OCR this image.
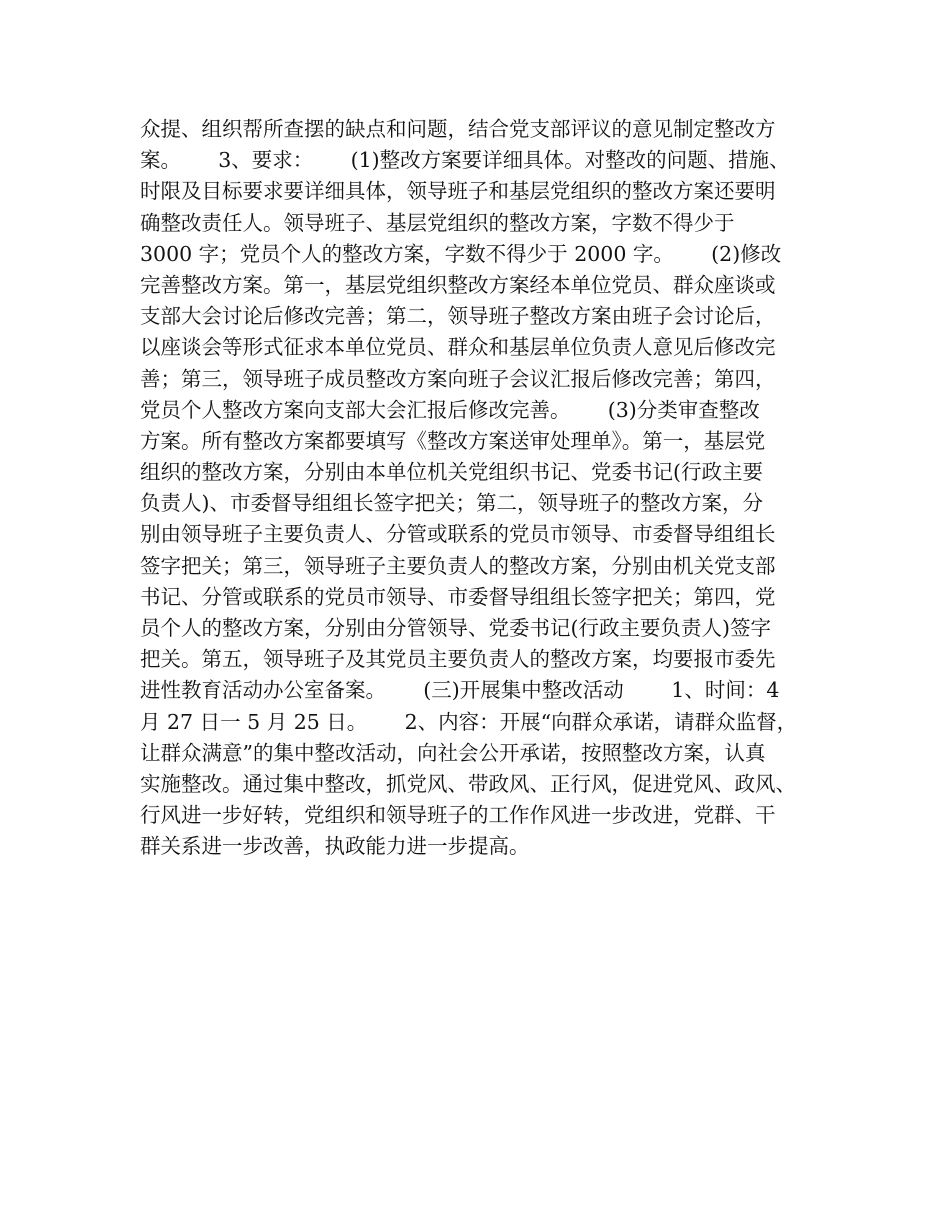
众提、组织帮所查摆的缺点和问题，结合党支部评议的意见制定整改方
案。　　 3、要求：　　 (1)整改方案要详细具体。对整改的问题、措施、
时限及目标要求要详细具体，领导班子和基层党组织的整改方案还要明
确整改责任人。领导班子、基层党组织的整改方案，字数不得少于
3000 字；党员个人的整改方案，字数不得少于 2000 字。　　 (2)修改
完善整改方案。第一，基层党组织整改方案经本单位党员、群众座谈或
支部大会讨论后修改完善；第二，领导班子整改方案由班子会讨论后，
以座谈会等形式征求本单位党员、群众和基层单位负责人意见后修改完
善；第三，领导班子成员整改方案向班子会议汇报后修改完善；第四，
党员个人整改方案向支部大会汇报后修改完善。　　 (3)分类审查整改
方案。所有整改方案都要填写《整改方案送审处理单》。第一，基层党
组织的整改方案，分别由本单位机关党组织书记、党委书记(行政主要
负责人)、市委督导组组长签字把关；第二，领导班子的整改方案，分
别由领导班子主要负责人、分管或联系的党员市领导、市委督导组组长
签字把关；第三，领导班子主要负责人的整改方案，分别由机关党支部
书记、分管或联系的党员市领导、市委督导组组长签字把关；第四，党
员个人的整改方案，分别由分管领导、党委书记(行政主要负责人)签字
把关。第五，领导班子及其党员主要负责人的整改方案，均要报市委先
进性教育活动办公室备案。　　 (三)开展集中整改活动　　 1、时间：4
月 27 日一 5 月 25 日。　　 2、内容：开展“向群众承诺，请群众监督，
让群众满意”的集中整改活动，向社会公开承诺，按照整改方案，认真
实施整改。通过集中整改，抓党风、带政风、正行风，促进党风、政风、
行风进一步好转，党组织和领导班子的工作作风进一步改进，党群、干
群关系进一步改善，执政能力进一步提高。
